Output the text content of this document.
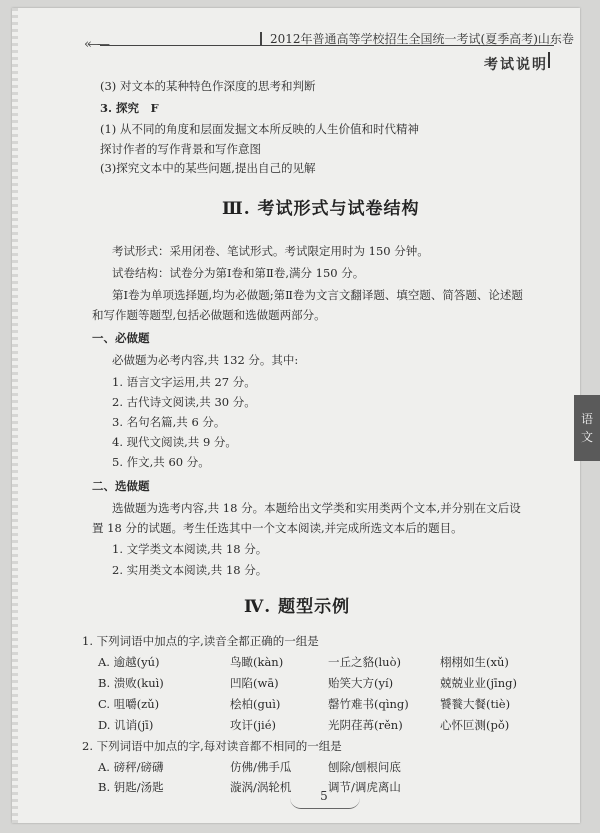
«——	2012年普通高等学校招生全国统一考试(夏季高考)山东卷
考试说明
(3) 对文本的某种特色作深度的思考和判断
3. 探究　F
(1) 从不同的角度和层面发掘文本所反映的人生价值和时代精神
探讨作者的写作背景和写作意图
(3)探究文本中的某些问题,提出自己的见解
Ⅲ. 考试形式与试卷结构
考试形式：采用闭卷、笔试形式。考试限定用时为 150 分钟。
试卷结构：试卷分为第Ⅰ卷和第Ⅱ卷,满分 150 分。
第Ⅰ卷为单项选择题,均为必做题;第Ⅱ卷为文言文翻译题、填空题、简答题、论述题
和写作题等题型,包括必做题和选做题两部分。
一、必做题
必做题为必考内容,共 132 分。其中:
1. 语言文字运用,共 27 分。
2. 古代诗文阅读,共 30 分。
3. 名句名篇,共 6 分。
4. 现代文阅读,共 9 分。
5. 作文,共 60 分。
二、选做题
选做题为选考内容,共 18 分。本题给出文学类和实用类两个文本,并分别在文后设
置 18 分的试题。考生任选其中一个文本阅读,并完成所选文本后的题目。
1. 文学类文本阅读,共 18 分。
2. 实用类文本阅读,共 18 分。
Ⅳ. 题型示例
1. 下列词语中加点的字,读音全都正确的一组是
A. 逾越(yú)	鸟瞰(kàn)	一丘之貉(luò)	栩栩如生(xǔ)
B. 溃败(kuì)	凹陷(wā)	贻笑大方(yí)	兢兢业业(jīng)
C. 咀嚼(zǔ)	桧柏(guì)	罄竹难书(qìng)	饕餮大餐(tiè)
D. 讥诮(jī)	攻讦(jié)	光阴荏苒(rěn)	心怀叵测(pǒ)
2. 下列词语中加点的字,每对读音都不相同的一组是
A. 磅秤/磅礴	仿佛/佛手瓜	刨除/刨根问底
B. 钥匙/汤匙	漩涡/涡轮机	调节/调虎离山
5
语
文
